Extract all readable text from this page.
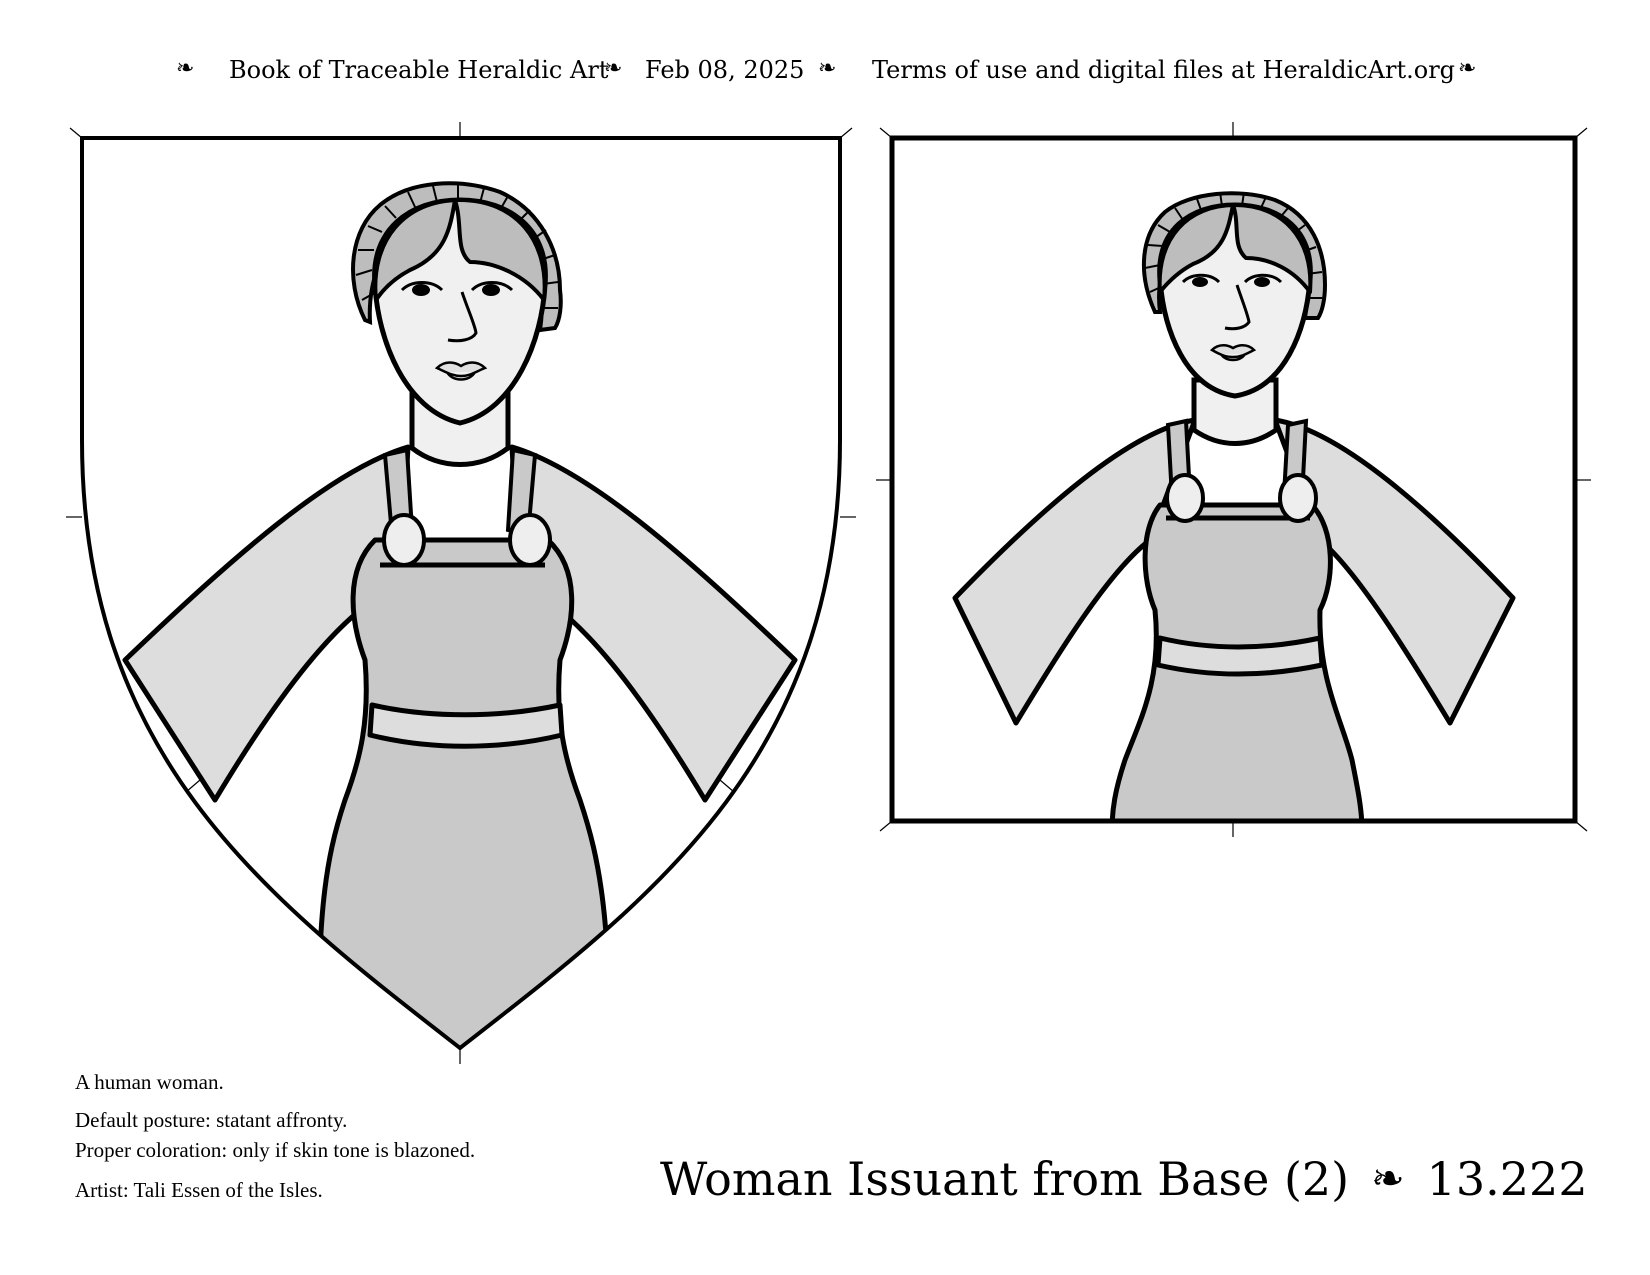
❧ Book of Traceable Heraldic Art
❧ Feb 08, 2025 ❧ Terms of use and digital files at HeraldicArt.org ❧
A human woman.
Default posture: statant affronty.
Proper coloration: only if skin tone is blazoned.
Artist: Tali Essen of the Isles.	Woman Issuant from Base (2) ❧ 13.222
